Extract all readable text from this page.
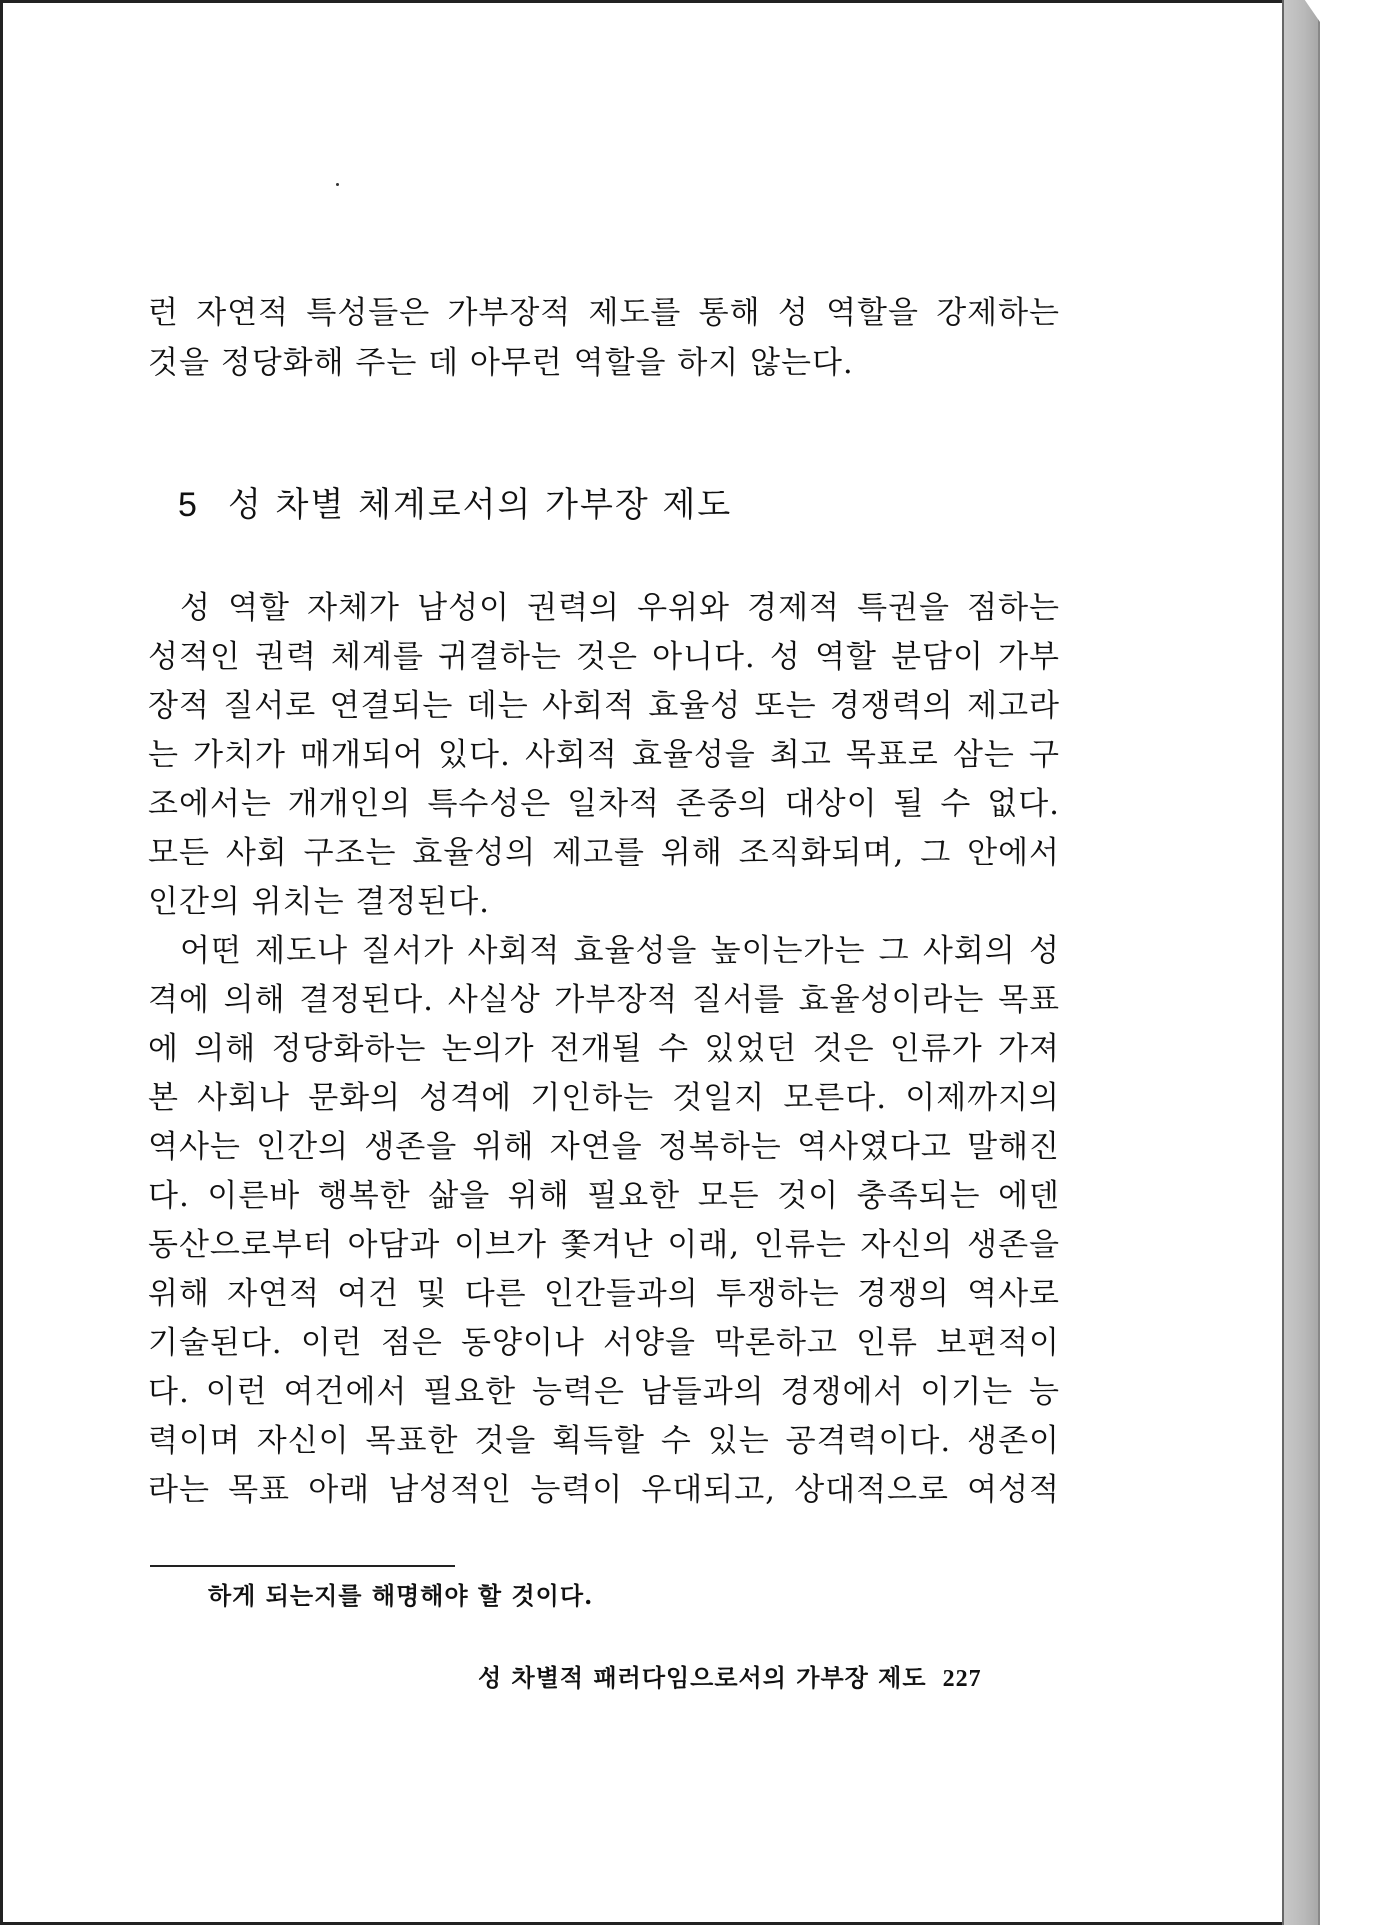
런 자연적 특성들은 가부장적 제도를 통해 성 역할을 강제하는
것을 정당화해 주는 데 아무런 역할을 하지 않는다.
5 성 차별 체계로서의 가부장 제도
성 역할 자체가 남성이 권력의 우위와 경제적 특권을 점하는
성적인 권력 체계를 귀결하는 것은 아니다. 성 역할 분담이 가부
장적 질서로 연결되는 데는 사회적 효율성 또는 경쟁력의 제고라
는 가치가 매개되어 있다. 사회적 효율성을 최고 목표로 삼는 구
조에서는 개개인의 특수성은 일차적 존중의 대상이 될 수 없다.
모든 사회 구조는 효율성의 제고를 위해 조직화되며, 그 안에서
인간의 위치는 결정된다.
어떤 제도나 질서가 사회적 효율성을 높이는가는 그 사회의 성
격에 의해 결정된다. 사실상 가부장적 질서를 효율성이라는 목표
에 의해 정당화하는 논의가 전개될 수 있었던 것은 인류가 가져
본 사회나 문화의 성격에 기인하는 것일지 모른다. 이제까지의
역사는 인간의 생존을 위해 자연을 정복하는 역사였다고 말해진
다. 이른바 행복한 삶을 위해 필요한 모든 것이 충족되는 에덴
동산으로부터 아담과 이브가 쫓겨난 이래, 인류는 자신의 생존을
위해 자연적 여건 및 다른 인간들과의 투쟁하는 경쟁의 역사로
기술된다. 이런 점은 동양이나 서양을 막론하고 인류 보편적이
다. 이런 여건에서 필요한 능력은 남들과의 경쟁에서 이기는 능
력이며 자신이 목표한 것을 획득할 수 있는 공격력이다. 생존이
라는 목표 아래 남성적인 능력이 우대되고, 상대적으로 여성적
하게 되는지를 해명해야 할 것이다.
성 차별적 패러다임으로서의 가부장 제도 227
